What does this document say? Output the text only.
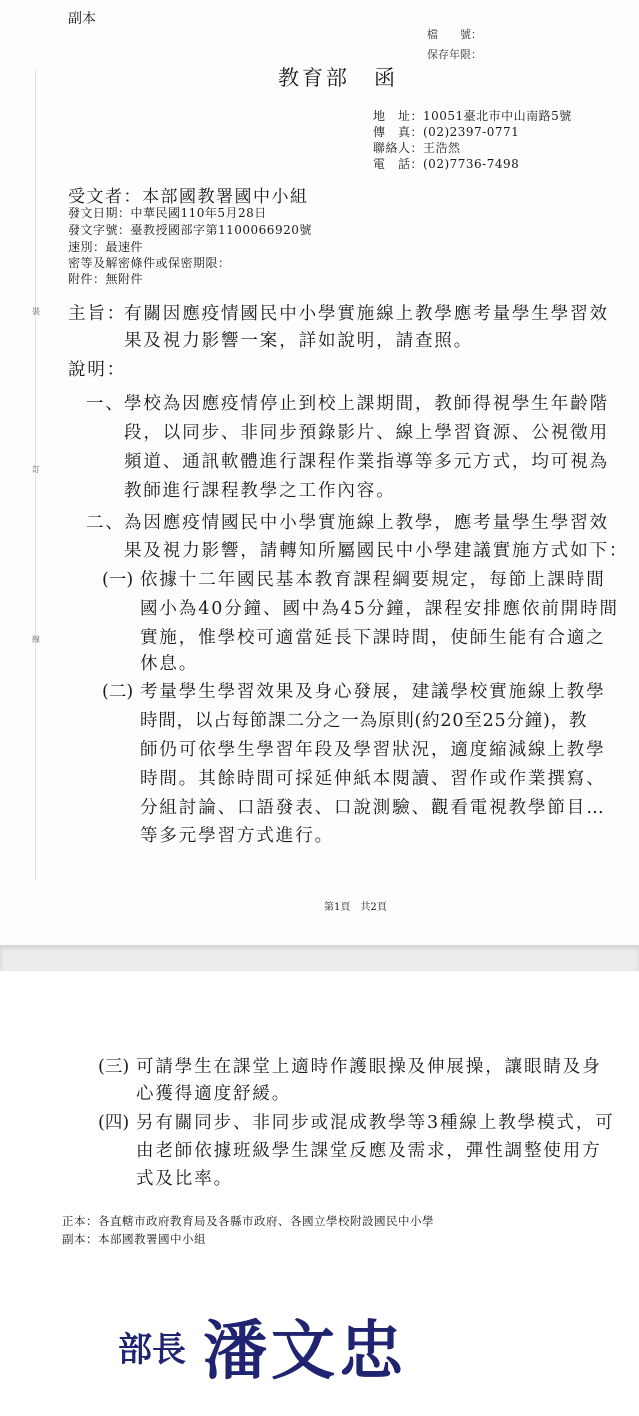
副本
檔　　號：
保存年限：
教育部　函
地　址：10051臺北市中山南路5號
傳　真：(02)2397-0771
聯絡人：王浩然
電　話：(02)7736-7498
受文者：本部國教署國中小組
發文日期：中華民國110年5月28日
發文字號：臺教授國部字第1100066920號
速別：最速件
密等及解密條件或保密期限：
附件：無附件
裝
訂
線
主旨：
有關因應疫情國民中小學實施線上教學應考量學生學習效
果及視力影響一案，詳如說明，請查照。
說明：
一、 學校為因應疫情停止到校上課期間，教師得視學生年齡階
段，以同步、非同步預錄影片、線上學習資源、公視徵用
頻道、通訊軟體進行課程作業指導等多元方式，均可視為
教師進行課程教學之工作內容。
二、 為因應疫情國民中小學實施線上教學，應考量學生學習效
果及視力影響，請轉知所屬國民中小學建議實施方式如下：
(一) 依據十二年國民基本教育課程綱要規定，每節上課時間
國小為40分鐘、國中為45分鐘，課程安排應依前開時間
實施，惟學校可適當延長下課時間，使師生能有合適之
休息。
(二) 考量學生學習效果及身心發展，建議學校實施線上教學
時間，以占每節課二分之一為原則(約20至25分鐘)，教
師仍可依學生學習年段及學習狀況，適度縮減線上教學
時間。其餘時間可採延伸紙本閱讀、習作或作業撰寫、
分組討論、口語發表、口說測驗、觀看電視教學節目…
等多元學習方式進行。
第1頁　共2頁
(三) 可請學生在課堂上適時作護眼操及伸展操，讓眼睛及身
心獲得適度舒緩。
(四) 另有關同步、非同步或混成教學等3種線上教學模式，可
由老師依據班級學生課堂反應及需求，彈性調整使用方
式及比率。
正本：各直轄市政府教育局及各縣市政府、各國立學校附設國民中小學
副本：本部國教署國中小組
部長 潘文忠
